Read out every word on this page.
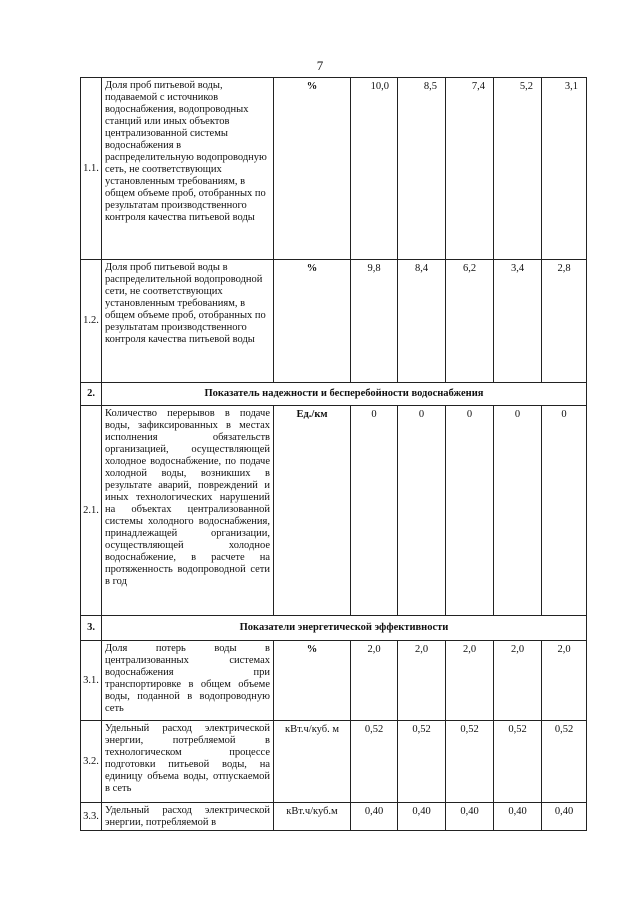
7
1.1.	Доля проб питьевой воды, подаваемой с источников водоснабжения, водопроводных станций или иных объектов централизованной системы водоснабжения в распределительную водопроводную сеть, не соответствующих установленным требованиям, в общем объеме проб, отобранных по результатам производственного контроля качества питьевой воды	%	10,0	8,5	7,4	5,2	3,1
1.2.	Доля проб питьевой воды в распределительной водопроводной сети, не соответствующих установленным требованиям, в общем объеме проб, отобранных по результатам производственного контроля качества питьевой воды	%	9,8	8,4	6,2	3,4	2,8
2.	Показатель надежности и бесперебойности водоснабжения						
2.1.	Количество перерывов в подаче воды, зафиксированных в местах исполнения обязательств организацией, осуществляющей холодное водоснабжение, по подаче холодной воды, возникших в результате аварий, повреждений и иных технологических нарушений на объектах централизованной системы холодного водоснабжения, принадлежащей организации, осуществляющей холодное водоснабжение, в расчете на протяженность водопроводной сети в год	Ед./км	0	0	0	0	0
3.	Показатели энергетической эффективности						
3.1.	Доля потерь воды в централизованных системах водоснабжения при транспортировке в общем объеме воды, поданной в водопроводную сеть	%	2,0	2,0	2,0	2,0	2,0
3.2.	Удельный расход электрической энергии, потребляемой в технологическом процессе подготовки питьевой воды, на единицу объема воды, отпускаемой в сеть	кВт.ч/куб. м	0,52	0,52	0,52	0,52	0,52
3.3.	Удельный расход электрической энергии, потребляемой в	кВт.ч/куб.м	0,40	0,40	0,40	0,40	0,40
